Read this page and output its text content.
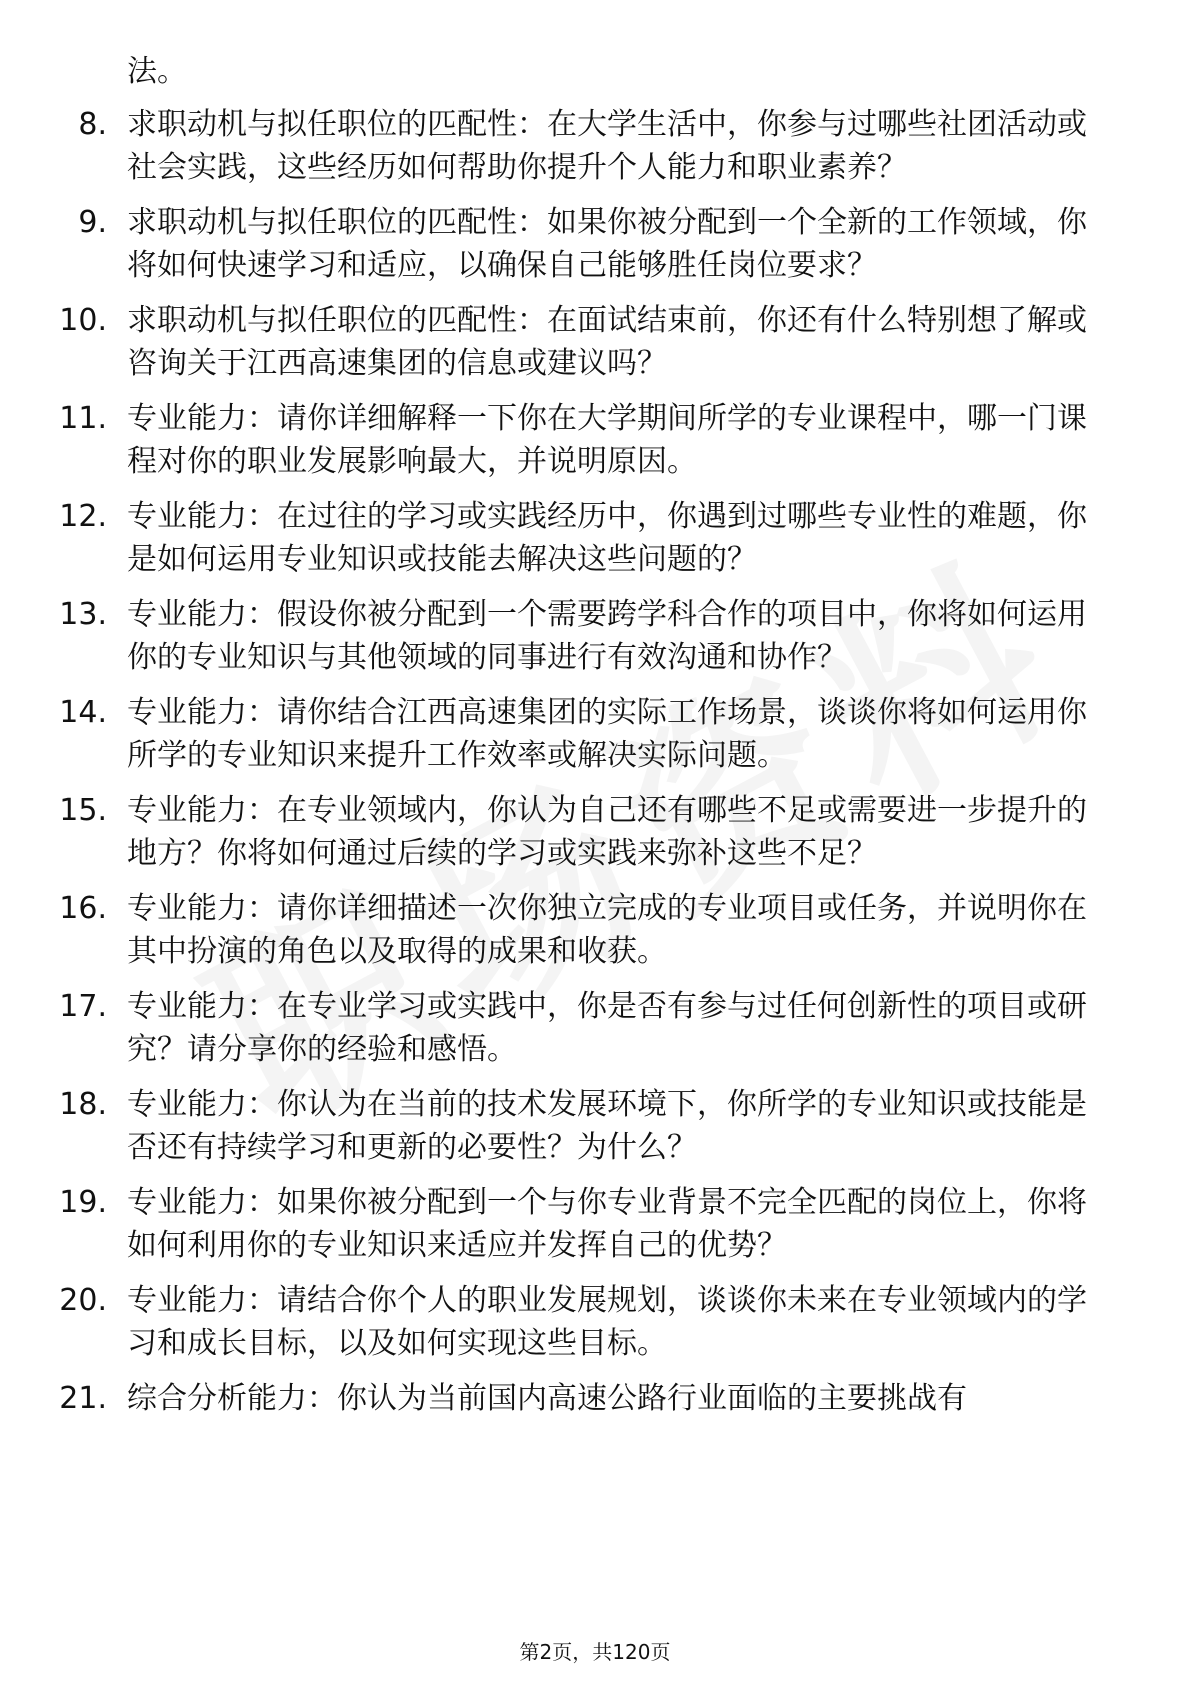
法。

8. 求职动机与拟任职位的匹配性：在大学生活中，你参与过哪些社团活动或社会实践，这些经历如何帮助你提升个人能力和职业素养？
9. 求职动机与拟任职位的匹配性：如果你被分配到一个全新的工作领域，你将如何快速学习和适应，以确保自己能够胜任岗位要求？
10. 求职动机与拟任职位的匹配性：在面试结束前，你还有什么特别想了解或咨询关于江西高速集团的信息或建议吗？
11. 专业能力：请你详细解释一下你在大学期间所学的专业课程中，哪一门课程对你的职业发展影响最大，并说明原因。
12. 专业能力：在过往的学习或实践经历中，你遇到过哪些专业性的难题，你是如何运用专业知识或技能去解决这些问题的？
13. 专业能力：假设你被分配到一个需要跨学科合作的项目中，你将如何运用你的专业知识与其他领域的同事进行有效沟通和协作？
14. 专业能力：请你结合江西高速集团的实际工作场景，谈谈你将如何运用你所学的专业知识来提升工作效率或解决实际问题。
15. 专业能力：在专业领域内，你认为自己还有哪些不足或需要进一步提升的地方？你将如何通过后续的学习或实践来弥补这些不足？
16. 专业能力：请你详细描述一次你独立完成的专业项目或任务，并说明你在其中扮演的角色以及取得的成果和收获。
17. 专业能力：在专业学习或实践中，你是否有参与过任何创新性的项目或研究？请分享你的经验和感悟。
18. 专业能力：你认为在当前的技术发展环境下，你所学的专业知识或技能是否还有持续学习和更新的必要性？为什么？
19. 专业能力：如果你被分配到一个与你专业背景不完全匹配的岗位上，你将如何利用你的专业知识来适应并发挥自己的优势？
20. 专业能力：请结合你个人的职业发展规划，谈谈你未来在专业领域内的学习和成长目标，以及如何实现这些目标。
21. 综合分析能力：你认为当前国内高速公路行业面临的主要挑战有
第2页，共120页
